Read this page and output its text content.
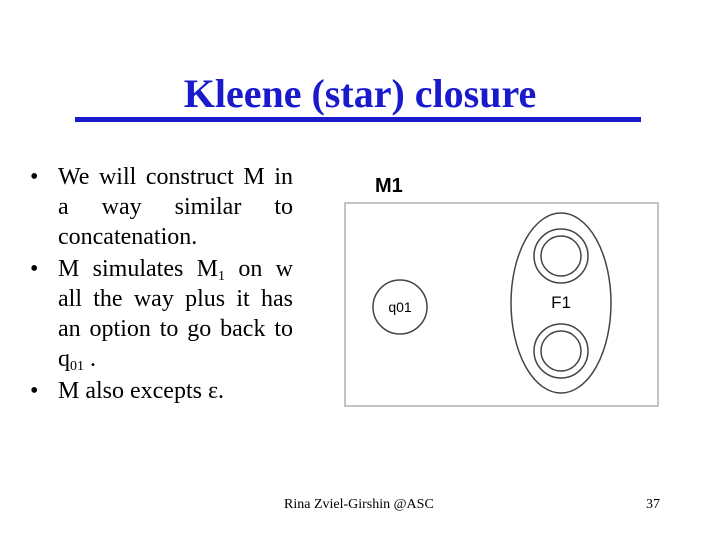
Kleene (star) closure
• We will construct M in a way similar to concatenation.
• M simulates $M_1$ on w all the way plus it has an option to go back to $q_{01}$ .
• M also excepts ε.
M1
q01	F1
Rina Zviel-Girshin @ASC	37
